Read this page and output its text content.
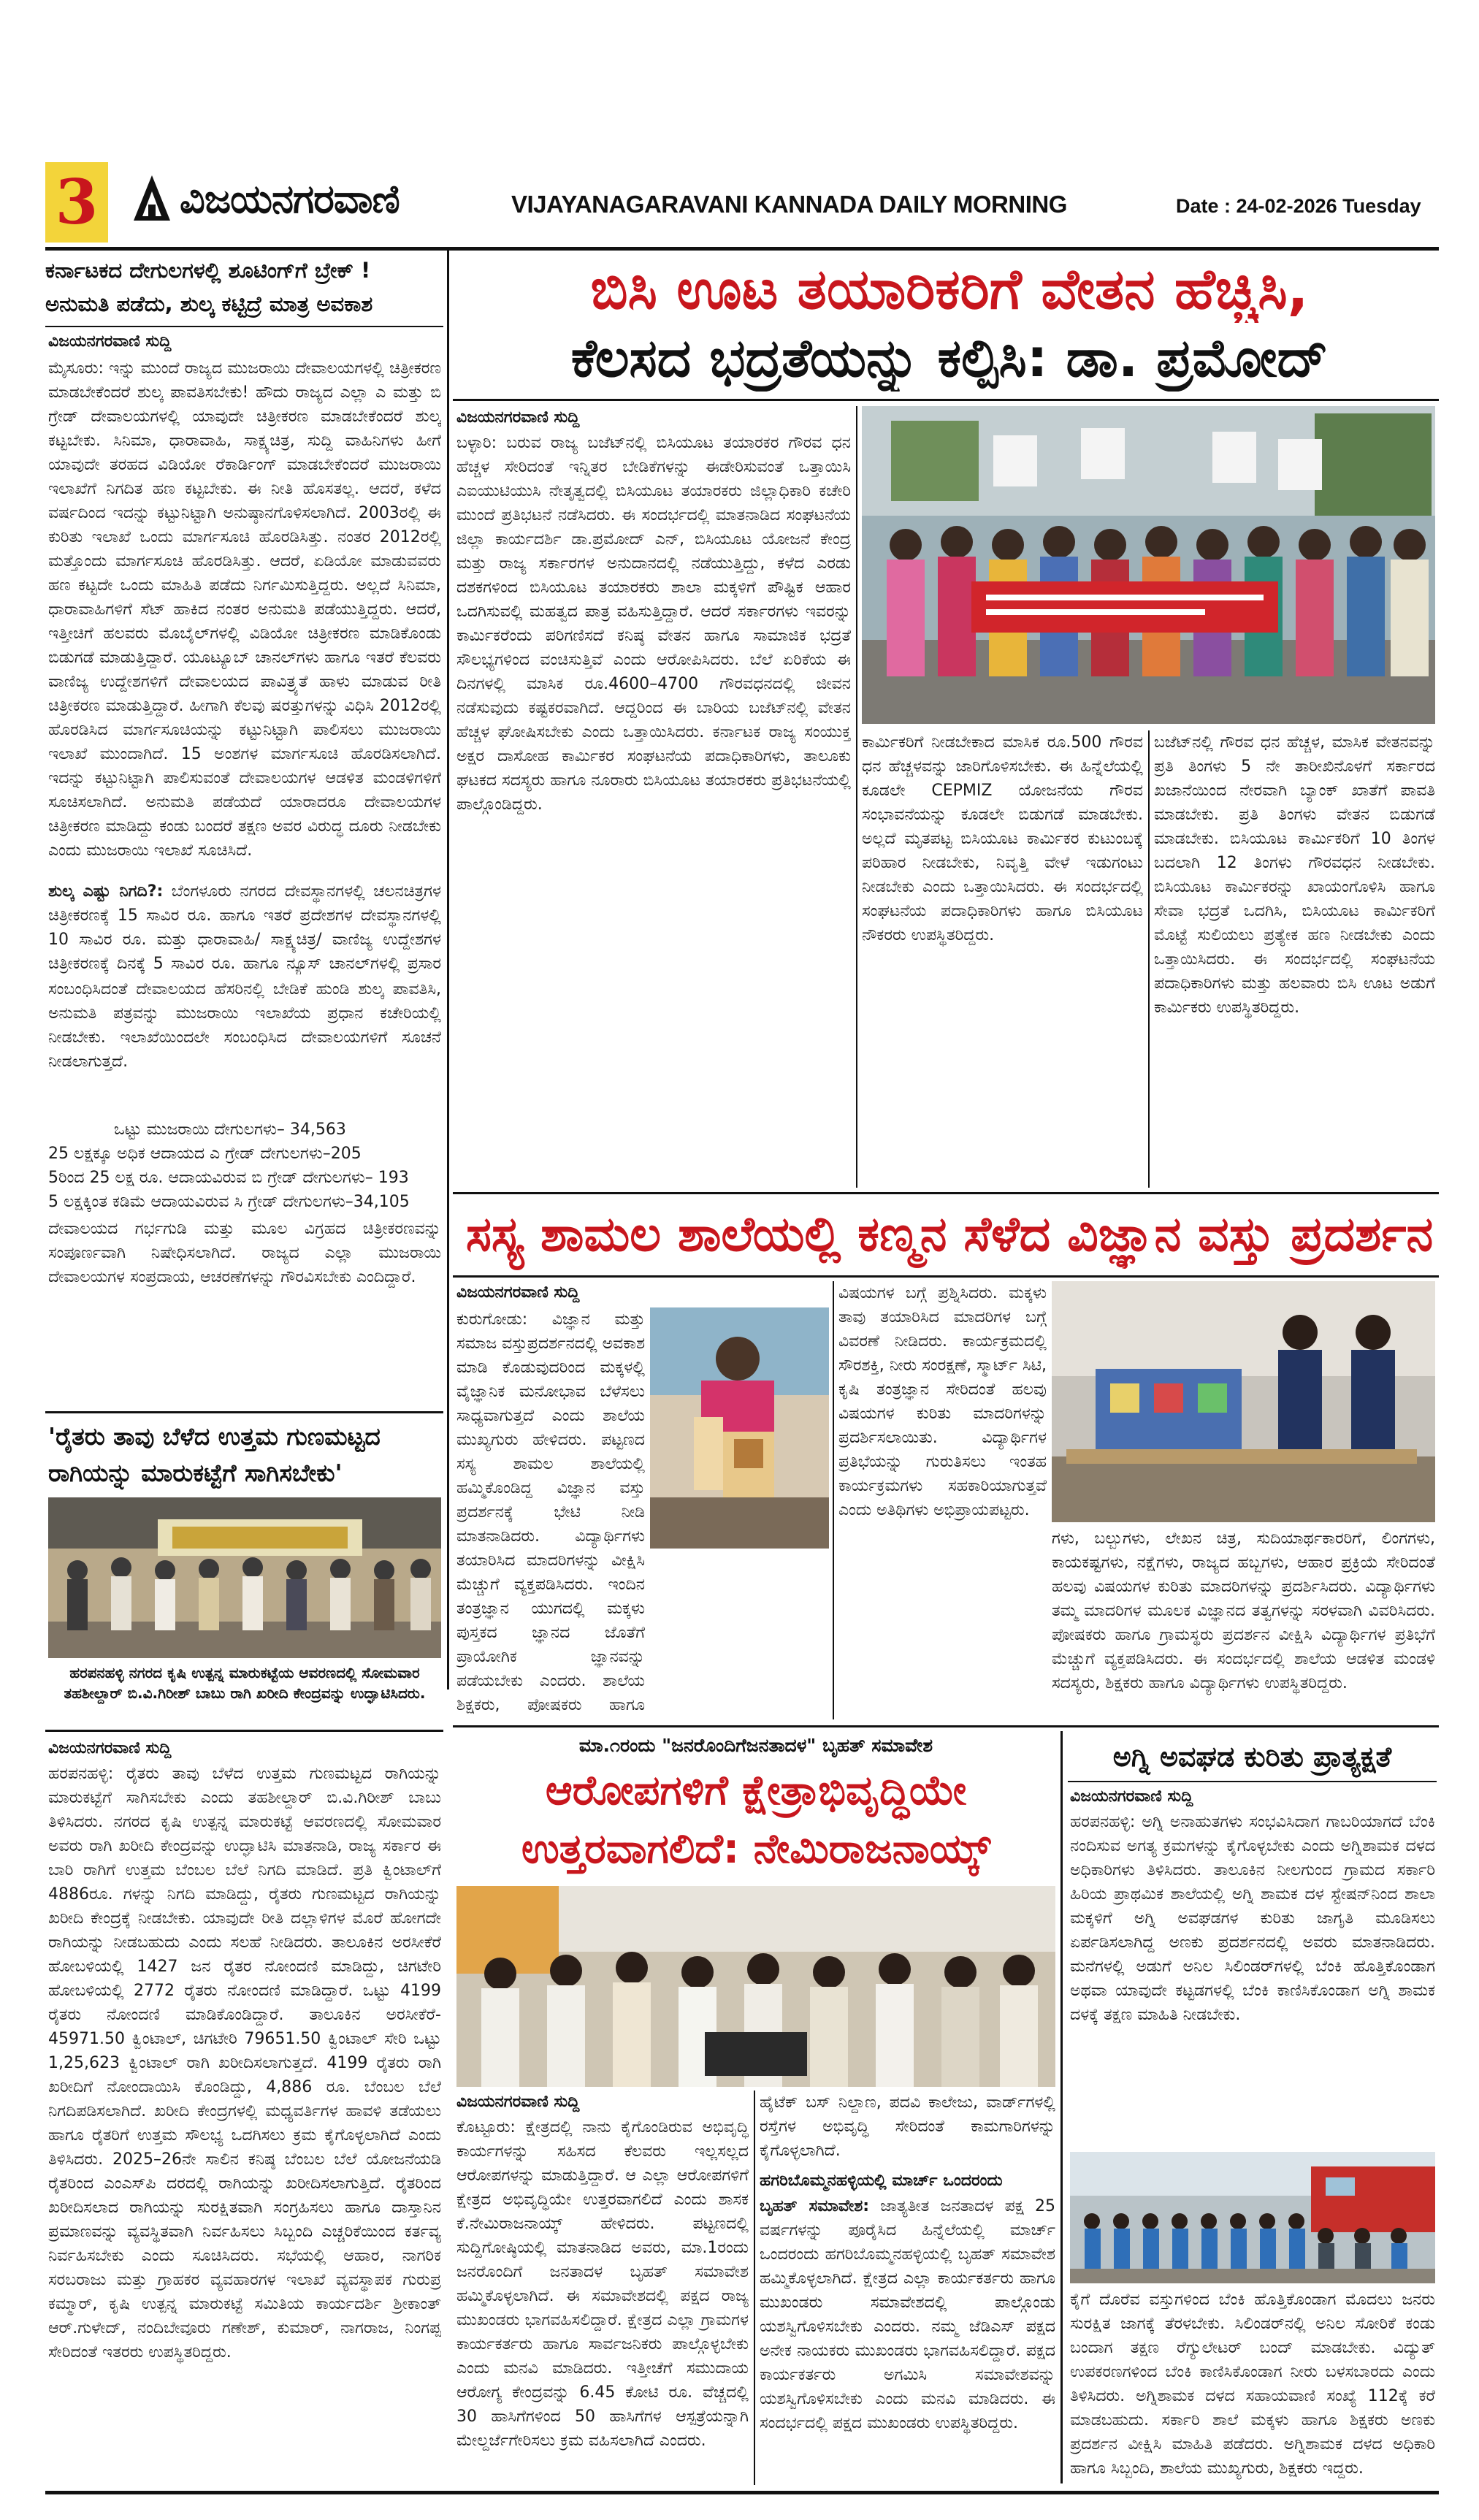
3 ವಿಜಯನಗರವಾಣಿ	VIJAYANAGARAVANI KANNADA DAILY MORNING	Date : 24-02-2026 Tuesday
ಕರ್ನಾಟಕದ ದೇಗುಲಗಳಲ್ಲಿ ಶೂಟಿಂಗ್‌ಗೆ ಬ್ರೇಕ್ !
ಅನುಮತಿ ಪಡೆದು, ಶುಲ್ಕ ಕಟ್ಟಿದ್ರೆ ಮಾತ್ರ ಅವಕಾಶ
ವಿಜಯನಗರವಾಣಿ ಸುದ್ದಿ
ಮೈಸೂರು: ಇನ್ನು ಮುಂದೆ ರಾಜ್ಯದ ಮುಜರಾಯಿ ದೇವಾಲಯಗಳಲ್ಲಿ ಚಿತ್ರೀಕರಣ ಮಾಡಬೇಕೆಂದರೆ ಶುಲ್ಕ ಪಾವತಿಸಬೇಕು! ಹೌದು ರಾಜ್ಯದ ಎಲ್ಲಾ ಎ ಮತ್ತು ಬಿ ಗ್ರೇಡ್ ದೇವಾಲಯಗಳಲ್ಲಿ ಯಾವುದೇ ಚಿತ್ರೀಕರಣ ಮಾಡಬೇಕೆಂದರೆ ಶುಲ್ಕ ಕಟ್ಟಬೇಕು. ಸಿನಿಮಾ, ಧಾರಾವಾಹಿ, ಸಾಕ್ಷ್ಯಚಿತ್ರ, ಸುದ್ದಿ ವಾಹಿನಿಗಳು ಹೀಗೆ ಯಾವುದೇ ತರಹದ ವಿಡಿಯೋ ರೆಕಾರ್ಡಿಂಗ್ ಮಾಡಬೇಕೆಂದರೆ ಮುಜರಾಯಿ ಇಲಾಖೆಗೆ ನಿಗದಿತ ಹಣ ಕಟ್ಟಬೇಕು. ಈ ನೀತಿ ಹೊಸತಲ್ಲ. ಆದರೆ, ಕಳೆದ ವರ್ಷದಿಂದ ಇದನ್ನು ಕಟ್ಟುನಿಟ್ಟಾಗಿ ಅನುಷ್ಠಾನಗೊಳಿಸಲಾಗಿದೆ. 2003ರಲ್ಲಿ ಈ ಕುರಿತು ಇಲಾಖೆ ಒಂದು ಮಾರ್ಗಸೂಚಿ ಹೊರಡಿಸಿತ್ತು. ನಂತರ 2012ರಲ್ಲಿ ಮತ್ತೊಂದು ಮಾರ್ಗಸೂಚಿ ಹೊರಡಿಸಿತ್ತು. ಆದರೆ, ಏಡಿಯೋ ಮಾಡುವವರು ಹಣ ಕಟ್ಟದೇ ಒಂದು ಮಾಹಿತಿ ಪಡೆದು ನಿರ್ಗಮಿಸುತ್ತಿದ್ದರು. ಅಲ್ಲದೆ ಸಿನಿಮಾ, ಧಾರಾವಾಹಿಗಳಿಗೆ ಸೆಟ್ ಹಾಕಿದ ನಂತರ ಅನುಮತಿ ಪಡೆಯುತ್ತಿದ್ದರು. ಆದರೆ, ಇತ್ತೀಚಿಗೆ ಹಲವರು ಮೊಬೈಲ್‌ಗಳಲ್ಲಿ ವಿಡಿಯೋ ಚಿತ್ರೀಕರಣ ಮಾಡಿಕೊಂಡು ಬಿಡುಗಡೆ ಮಾಡುತ್ತಿದ್ದಾರೆ. ಯೂಟ್ಯೂಬ್ ಚಾನಲ್‌ಗಳು ಹಾಗೂ ಇತರೆ ಕೆಲವರು ವಾಣಿಜ್ಯ ಉದ್ದೇಶಗಳಿಗೆ ದೇವಾಲಯದ ಪಾವಿತ್ರ್ಯತೆ ಹಾಳು ಮಾಡುವ ರೀತಿ ಚಿತ್ರೀಕರಣ ಮಾಡುತ್ತಿದ್ದಾರೆ. ಹೀಗಾಗಿ ಕೆಲವು ಷರತ್ತುಗಳನ್ನು ವಿಧಿಸಿ 2012ರಲ್ಲಿ ಹೊರಡಿಸಿದ ಮಾರ್ಗಸೂಚಿಯನ್ನು ಕಟ್ಟುನಿಟ್ಟಾಗಿ ಪಾಲಿಸಲು ಮುಜರಾಯಿ ಇಲಾಖೆ ಮುಂದಾಗಿದೆ. 15 ಅಂಶಗಳ ಮಾರ್ಗಸೂಚಿ ಹೊರಡಿಸಲಾಗಿದೆ. ಇದನ್ನು ಕಟ್ಟುನಿಟ್ಟಾಗಿ ಪಾಲಿಸುವಂತೆ ದೇವಾಲಯಗಳ ಆಡಳಿತ ಮಂಡಳಿಗಳಿಗೆ ಸೂಚಿಸಲಾಗಿದೆ. ಅನುಮತಿ ಪಡೆಯದೆ ಯಾರಾದರೂ ದೇವಾಲಯಗಳ ಚಿತ್ರೀಕರಣ ಮಾಡಿದ್ದು ಕಂಡು ಬಂದರೆ ತಕ್ಷಣ ಅವರ ವಿರುದ್ಧ ದೂರು ನೀಡಬೇಕು ಎಂದು ಮುಜರಾಯಿ ಇಲಾಖೆ ಸೂಚಿಸಿದೆ.
ಶುಲ್ಕ ಎಷ್ಟು ನಿಗದಿ?: ಬೆಂಗಳೂರು ನಗರದ ದೇವಸ್ಥಾನಗಳಲ್ಲಿ ಚಲನಚಿತ್ರಗಳ ಚಿತ್ರೀಕರಣಕ್ಕೆ 15 ಸಾವಿರ ರೂ. ಹಾಗೂ ಇತರೆ ಪ್ರದೇಶಗಳ ದೇವಸ್ಥಾನಗಳಲ್ಲಿ 10 ಸಾವಿರ ರೂ. ಮತ್ತು ಧಾರಾವಾಹಿ/ ಸಾಕ್ಷ್ಯಚಿತ್ರ/ ವಾಣಿಜ್ಯ ಉದ್ದೇಶಗಳ ಚಿತ್ರೀಕರಣಕ್ಕೆ ದಿನಕ್ಕೆ 5 ಸಾವಿರ ರೂ. ಹಾಗೂ ನ್ಯೂಸ್ ಚಾನಲ್‌ಗಳಲ್ಲಿ ಪ್ರಸಾರ
ಸಂಬಂಧಿಸಿದಂತೆ ದೇವಾಲಯದ ಹೆಸರಿನಲ್ಲಿ ಬೇಡಿಕೆ ಹುಂಡಿ ಶುಲ್ಕ ಪಾವತಿಸಿ, ಅನುಮತಿ ಪತ್ರವನ್ನು ಮುಜರಾಯಿ ಇಲಾಖೆಯ ಪ್ರಧಾನ ಕಚೇರಿಯಲ್ಲಿ ನೀಡಬೇಕು. ಇಲಾಖೆಯಿಂದಲೇ ಸಂಬಂಧಿಸಿದ ದೇವಾಲಯಗಳಿಗೆ ಸೂಚನೆ ನೀಡಲಾಗುತ್ತದೆ.
ಒಟ್ಟು ಮುಜರಾಯಿ ದೇಗುಲಗಳು– 34,563
25 ಲಕ್ಷಕ್ಕೂ ಅಧಿಕ ಆದಾಯದ ಎ ಗ್ರೇಡ್ ದೇಗುಲಗಳು–205
5ರಿಂದ 25 ಲಕ್ಷ ರೂ. ಆದಾಯವಿರುವ ಬಿ ಗ್ರೇಡ್ ದೇಗುಲಗಳು– 193
5 ಲಕ್ಷಕ್ಕಿಂತ ಕಡಿಮೆ ಆದಾಯವಿರುವ ಸಿ ಗ್ರೇಡ್ ದೇಗುಲಗಳು–34,105
ದೇವಾಲಯದ ಗರ್ಭಗುಡಿ ಮತ್ತು ಮೂಲ ವಿಗ್ರಹದ ಚಿತ್ರೀಕರಣವನ್ನು ಸಂಪೂರ್ಣವಾಗಿ ನಿಷೇಧಿಸಲಾಗಿದೆ. ರಾಜ್ಯದ ಎಲ್ಲಾ ಮುಜರಾಯಿ ದೇವಾಲಯಗಳ ಸಂಪ್ರದಾಯ, ಆಚರಣೆಗಳನ್ನು ಗೌರವಿಸಬೇಕು ಎಂದಿದ್ದಾರೆ.
'ರೈತರು ತಾವು ಬೆಳೆದ ಉತ್ತಮ ಗುಣಮಟ್ಟದ ರಾಗಿಯನ್ನು ಮಾರುಕಟ್ಟೆಗೆ ಸಾಗಿಸಬೇಕು'
ಹರಪನಹಳ್ಳಿ ನಗರದ ಕೃಷಿ ಉತ್ಪನ್ನ ಮಾರುಕಟ್ಟೆಯ ಆವರಣದಲ್ಲಿ ಸೋಮವಾರ ತಹಶೀಲ್ದಾರ್ ಬಿ.ವಿ.ಗಿರೀಶ್ ಬಾಬು ರಾಗಿ ಖರೀದಿ ಕೇಂದ್ರವನ್ನು ಉದ್ಘಾಟಿಸಿದರು.
ವಿಜಯನಗರವಾಣಿ ಸುದ್ದಿ
ಹರಪನಹಳ್ಳಿ: ರೈತರು ತಾವು ಬೆಳೆದ ಉತ್ತಮ ಗುಣಮಟ್ಟದ ರಾಗಿಯನ್ನು ಮಾರುಕಟ್ಟೆಗೆ ಸಾಗಿಸಬೇಕು ಎಂದು ತಹಶೀಲ್ದಾರ್ ಬಿ.ವಿ.ಗಿರೀಶ್ ಬಾಬು ತಿಳಿಸಿದರು. ನಗರದ ಕೃಷಿ ಉತ್ಪನ್ನ ಮಾರುಕಟ್ಟೆ ಆವರಣದಲ್ಲಿ ಸೋಮವಾರ ಅವರು ರಾಗಿ ಖರೀದಿ ಕೇಂದ್ರವನ್ನು ಉದ್ಘಾಟಿಸಿ ಮಾತನಾಡಿ, ರಾಜ್ಯ ಸರ್ಕಾರ ಈ ಬಾರಿ ರಾಗಿಗೆ ಉತ್ತಮ ಬೆಂಬಲ ಬೆಲೆ ನಿಗದಿ ಮಾಡಿದೆ. ಪ್ರತಿ ಕ್ವಿಂಟಾಲ್‌ಗೆ 4886ರೂ. ಗಳನ್ನು ನಿಗದಿ ಮಾಡಿದ್ದು, ರೈತರು ಗುಣಮಟ್ಟದ ರಾಗಿಯನ್ನು ಖರೀದಿ ಕೇಂದ್ರಕ್ಕೆ ನೀಡಬೇಕು. ಯಾವುದೇ ರೀತಿ ದಲ್ಲಾಳಿಗಳ ಮೊರೆ ಹೋಗದೇ ರಾಗಿಯನ್ನು ನೀಡಬಹುದು ಎಂದು ಸಲಹೆ ನೀಡಿದರು. ತಾಲೂಕಿನ ಅರಸೀಕೆರೆ ಹೋಬಳಿಯಲ್ಲಿ 1427 ಜನ ರೈತರ ನೋಂದಣಿ ಮಾಡಿದ್ದು, ಚಿಗಟೇರಿ ಹೋಬಳಿಯಲ್ಲಿ 2772 ರೈತರು ನೋಂದಣಿ ಮಾಡಿದ್ದಾರೆ. ಒಟ್ಟು 4199 ರೈತರು ನೋಂದಣಿ ಮಾಡಿಕೊಂಡಿದ್ದಾರೆ. ತಾಲೂಕಿನ ಅರಸೀಕೆರೆ- 45971.50 ಕ್ವಿಂಟಾಲ್, ಚಿಗಟೇರಿ 79651.50 ಕ್ವಿಂಟಾಲ್ ಸೇರಿ ಒಟ್ಟು 1,25,623 ಕ್ವಿಂಟಾಲ್ ರಾಗಿ ಖರೀದಿಸಲಾಗುತ್ತದೆ. 4199 ರೈತರು ರಾಗಿ ಖರೀದಿಗೆ ನೋಂದಾಯಿಸಿ ಕೊಂಡಿದ್ದು, 4,886 ರೂ. ಬೆಂಬಲ ಬೆಲೆ ನಿಗದಿಪಡಿಸಲಾಗಿದೆ. ಖರೀದಿ ಕೇಂದ್ರಗಳಲ್ಲಿ ಮಧ್ಯವರ್ತಿಗಳ ಹಾವಳಿ ತಡೆಯಲು ಹಾಗೂ ರೈತರಿಗೆ ಉತ್ತಮ ಸೌಲಭ್ಯ ಒದಗಿಸಲು ಕ್ರಮ ಕೈಗೊಳ್ಳಲಾಗಿದೆ ಎಂದು ತಿಳಿಸಿದರು. 2025–26ನೇ ಸಾಲಿನ ಕನಿಷ್ಠ ಬೆಂಬಲ ಬೆಲೆ ಯೋಜನೆಯಡಿ ರೈತರಿಂದ ಎಂಎಸ್‌ಪಿ ದರದಲ್ಲಿ ರಾಗಿಯನ್ನು ಖರೀದಿಸಲಾಗುತ್ತಿದೆ. ರೈತರಿಂದ ಖರೀದಿಸಲಾದ ರಾಗಿಯನ್ನು ಸುರಕ್ಷಿತವಾಗಿ ಸಂಗ್ರಹಿಸಲು ಹಾಗೂ ದಾಸ್ತಾನಿನ ಪ್ರಮಾಣವನ್ನು ವ್ಯವಸ್ಥಿತವಾಗಿ ನಿರ್ವಹಿಸಲು ಸಿಬ್ಬಂದಿ ಎಚ್ಚರಿಕೆಯಿಂದ ಕರ್ತವ್ಯ ನಿರ್ವಹಿಸಬೇಕು ಎಂದು ಸೂಚಿಸಿದರು. ಸಭೆಯಲ್ಲಿ ಆಹಾರ, ನಾಗರಿಕ ಸರಬರಾಜು ಮತ್ತು ಗ್ರಾಹಕರ ವ್ಯವಹಾರಗಳ ಇಲಾಖೆ ವ್ಯವಸ್ಥಾಪಕ ಗುರುಪ್ರ ಕಮ್ಮಾರ್, ಕೃಷಿ ಉತ್ಪನ್ನ ಮಾರುಕಟ್ಟೆ ಸಮಿತಿಯ ಕಾರ್ಯದರ್ಶಿ ಶ್ರೀಕಾಂತ್ ಆರ್.ಗುಳೇದ್, ನಂದಿಬೇವೂರು ಗಣೇಶ್, ಕುಮಾರ್, ನಾಗರಾಜ, ನಿಂಗಪ್ಪ ಸೇರಿದಂತೆ ಇತರರು ಉಪಸ್ಥಿತರಿದ್ದರು.
ಬಿಸಿ ಊಟ ತಯಾರಿಕರಿಗೆ ವೇತನ ಹೆಚ್ಚಿಸಿ,
ಕೆಲಸದ ಭದ್ರತೆಯನ್ನು ಕಲ್ಪಿಸಿ: ಡಾ. ಪ್ರಮೋದ್
ವಿಜಯನಗರವಾಣಿ ಸುದ್ದಿ
ಬಳ್ಳಾರಿ: ಬರುವ ರಾಜ್ಯ ಬಜೆಟ್‌ನಲ್ಲಿ ಬಿಸಿಯೂಟ ತಯಾರಕರ ಗೌರವ ಧನ ಹೆಚ್ಚಳ ಸೇರಿದಂತೆ ಇನ್ನಿತರ ಬೇಡಿಕೆಗಳನ್ನು ಈಡೇರಿಸುವಂತೆ ಒತ್ತಾಯಿಸಿ ಎಐಯುಟಿಯುಸಿ ನೇತೃತ್ವದಲ್ಲಿ ಬಿಸಿಯೂಟ ತಯಾರಕರು ಜಿಲ್ಲಾಧಿಕಾರಿ ಕಚೇರಿ ಮುಂದೆ ಪ್ರತಿಭಟನೆ ನಡೆಸಿದರು. ಈ ಸಂದರ್ಭದಲ್ಲಿ ಮಾತನಾಡಿದ ಸಂಘಟನೆಯ ಜಿಲ್ಲಾ ಕಾರ್ಯದರ್ಶಿ ಡಾ.ಪ್ರಮೋದ್ ಎನ್, ಬಿಸಿಯೂಟ ಯೋಜನೆ ಕೇಂದ್ರ ಮತ್ತು ರಾಜ್ಯ ಸರ್ಕಾರಗಳ ಅನುದಾನದಲ್ಲಿ ನಡೆಯುತ್ತಿದ್ದು, ಕಳೆದ ಎರಡು ದಶಕಗಳಿಂದ ಬಿಸಿಯೂಟ ತಯಾರಕರು ಶಾಲಾ ಮಕ್ಕಳಿಗೆ ಪೌಷ್ಟಿಕ ಆಹಾರ ಒದಗಿಸುವಲ್ಲಿ ಮಹತ್ವದ ಪಾತ್ರ ವಹಿಸುತ್ತಿದ್ದಾರೆ. ಆದರೆ ಸರ್ಕಾರಗಳು ಇವರನ್ನು ಕಾರ್ಮಿಕರೆಂದು ಪರಿಗಣಿಸದೆ ಕನಿಷ್ಠ ವೇತನ ಹಾಗೂ ಸಾಮಾಜಿಕ ಭದ್ರತೆ ಸೌಲಭ್ಯಗಳಿಂದ ವಂಚಿಸುತ್ತಿವೆ ಎಂದು ಆರೋಪಿಸಿದರು. ಬೆಲೆ ಏರಿಕೆಯ ಈ ದಿನಗಳಲ್ಲಿ ಮಾಸಿಕ ರೂ.4600–4700 ಗೌರವಧನದಲ್ಲಿ ಜೀವನ ನಡೆಸುವುದು ಕಷ್ಟಕರವಾಗಿದೆ. ಆದ್ದರಿಂದ ಈ ಬಾರಿಯ ಬಜೆಟ್‌ನಲ್ಲಿ ವೇತನ ಹೆಚ್ಚಳ ಘೋಷಿಸಬೇಕು ಎಂದು ಒತ್ತಾಯಿಸಿದರು. ಕರ್ನಾಟಕ ರಾಜ್ಯ ಸಂಯುಕ್ತ ಅಕ್ಷರ ದಾಸೋಹ ಕಾರ್ಮಿಕರ ಸಂಘಟನೆಯ ಪದಾಧಿಕಾರಿಗಳು, ತಾಲೂಕು ಘಟಕದ ಸದಸ್ಯರು ಹಾಗೂ ನೂರಾರು ಬಿಸಿಯೂಟ ತಯಾರಕರು ಪ್ರತಿಭಟನೆಯಲ್ಲಿ ಪಾಲ್ಗೊಂಡಿದ್ದರು.
ಕಾರ್ಮಿಕರಿಗೆ ನೀಡಬೇಕಾದ ಮಾಸಿಕ ರೂ.500 ಗೌರವ ಧನ ಹೆಚ್ಚಳವನ್ನು ಜಾರಿಗೊಳಿಸಬೇಕು. ಈ ಹಿನ್ನೆಲೆಯಲ್ಲಿ ಕೂಡಲೇ CEPMIZ ಯೋಜನೆಯ ಗೌರವ ಸಂಭಾವನೆಯನ್ನು ಕೂಡಲೇ ಬಿಡುಗಡೆ ಮಾಡಬೇಕು. ಅಲ್ಲದೆ ಮೃತಪಟ್ಟ ಬಿಸಿಯೂಟ ಕಾರ್ಮಿಕರ ಕುಟುಂಬಕ್ಕೆ ಪರಿಹಾರ ನೀಡಬೇಕು, ನಿವೃತ್ತಿ ವೇಳೆ ಇಡುಗಂಟು ನೀಡಬೇಕು ಎಂದು ಒತ್ತಾಯಿಸಿದರು. ಈ ಸಂದರ್ಭದಲ್ಲಿ ಸಂಘಟನೆಯ ಪದಾಧಿಕಾರಿಗಳು ಹಾಗೂ ಬಿಸಿಯೂಟ ನೌಕರರು ಉಪಸ್ಥಿತರಿದ್ದರು.
ಬಜೆಟ್‌ನಲ್ಲಿ ಗೌರವ ಧನ ಹೆಚ್ಚಳ, ಮಾಸಿಕ ವೇತನವನ್ನು ಪ್ರತಿ ತಿಂಗಳು 5 ನೇ ತಾರೀಖಿನೊಳಗೆ ಸರ್ಕಾರದ ಖಜಾನೆಯಿಂದ ನೇರವಾಗಿ ಬ್ಯಾಂಕ್ ಖಾತೆಗೆ ಪಾವತಿ ಮಾಡಬೇಕು. ಪ್ರತಿ ತಿಂಗಳು ವೇತನ ಬಿಡುಗಡೆ ಮಾಡಬೇಕು. ಬಿಸಿಯೂಟ ಕಾರ್ಮಿಕರಿಗೆ 10 ತಿಂಗಳ ಬದಲಾಗಿ 12 ತಿಂಗಳು ಗೌರವಧನ ನೀಡಬೇಕು. ಬಿಸಿಯೂಟ ಕಾರ್ಮಿಕರನ್ನು ಖಾಯಂಗೊಳಿಸಿ ಹಾಗೂ ಸೇವಾ ಭದ್ರತೆ ಒದಗಿಸಿ, ಬಿಸಿಯೂಟ ಕಾರ್ಮಿಕರಿಗೆ ಮೊಟ್ಟೆ ಸುಲಿಯಲು ಪ್ರತ್ಯೇಕ ಹಣ ನೀಡಬೇಕು ಎಂದು ಒತ್ತಾಯಿಸಿದರು. ಈ ಸಂದರ್ಭದಲ್ಲಿ ಸಂಘಟನೆಯ ಪದಾಧಿಕಾರಿಗಳು ಮತ್ತು ಹಲವಾರು ಬಿಸಿ ಊಟ ಅಡುಗೆ ಕಾರ್ಮಿಕರು ಉಪಸ್ಥಿತರಿದ್ದರು.
ಸಸ್ಯ ಶಾಮಲ ಶಾಲೆಯಲ್ಲಿ ಕಣ್ಮನ ಸೆಳೆದ ವಿಜ್ಞಾನ ವಸ್ತು ಪ್ರದರ್ಶನ
ವಿಜಯನಗರವಾಣಿ ಸುದ್ದಿ
ಕುರುಗೋಡು: ವಿಜ್ಞಾನ ಮತ್ತು ಸಮಾಜ ವಸ್ತುಪ್ರದರ್ಶನದಲ್ಲಿ ಅವಕಾಶ ಮಾಡಿ ಕೊಡುವುದರಿಂದ ಮಕ್ಕಳಲ್ಲಿ ವೈಜ್ಞಾನಿಕ ಮನೋಭಾವ ಬೆಳೆಸಲು ಸಾಧ್ಯವಾಗುತ್ತದೆ ಎಂದು ಶಾಲೆಯ ಮುಖ್ಯಗುರು ಹೇಳಿದರು. ಪಟ್ಟಣದ ಸಸ್ಯ ಶಾಮಲ ಶಾಲೆಯಲ್ಲಿ ಹಮ್ಮಿಕೊಂಡಿದ್ದ ವಿಜ್ಞಾನ ವಸ್ತು ಪ್ರದರ್ಶನಕ್ಕೆ ಭೇಟಿ ನೀಡಿ ಮಾತನಾಡಿದರು. ವಿದ್ಯಾರ್ಥಿಗಳು ತಯಾರಿಸಿದ ಮಾದರಿಗಳನ್ನು ವೀಕ್ಷಿಸಿ ಮೆಚ್ಚುಗೆ ವ್ಯಕ್ತಪಡಿಸಿದರು. ಇಂದಿನ ತಂತ್ರಜ್ಞಾನ ಯುಗದಲ್ಲಿ ಮಕ್ಕಳು ಪುಸ್ತಕದ ಜ್ಞಾನದ ಜೊತೆಗೆ ಪ್ರಾಯೋಗಿಕ ಜ್ಞಾನವನ್ನು ಪಡೆಯಬೇಕು ಎಂದರು. ಶಾಲೆಯ ಶಿಕ್ಷಕರು, ಪೋಷಕರು ಹಾಗೂ
ವಿಷಯಗಳ ಬಗ್ಗೆ ಪ್ರಶ್ನಿಸಿದರು. ಮಕ್ಕಳು ತಾವು ತಯಾರಿಸಿದ ಮಾದರಿಗಳ ಬಗ್ಗೆ ವಿವರಣೆ ನೀಡಿದರು. ಕಾರ್ಯಕ್ರಮದಲ್ಲಿ ಸೌರಶಕ್ತಿ, ನೀರು ಸಂರಕ್ಷಣೆ, ಸ್ಮಾರ್ಟ್ ಸಿಟಿ, ಕೃಷಿ ತಂತ್ರಜ್ಞಾನ ಸೇರಿದಂತೆ ಹಲವು ವಿಷಯಗಳ ಕುರಿತು ಮಾದರಿಗಳನ್ನು ಪ್ರದರ್ಶಿಸಲಾಯಿತು. ವಿದ್ಯಾರ್ಥಿಗಳ ಪ್ರತಿಭೆಯನ್ನು ಗುರುತಿಸಲು ಇಂತಹ ಕಾರ್ಯಕ್ರಮಗಳು ಸಹಕಾರಿಯಾಗುತ್ತವೆ ಎಂದು ಅತಿಥಿಗಳು ಅಭಿಪ್ರಾಯಪಟ್ಟರು.
ಗಳು, ಬಲ್ಬುಗಳು, ಲೇಖನ ಚಿತ್ರ, ಸುದಿಯಾರ್ಥಕಾರರಿಗೆ, ಲಿಂಗಗಳು, ಕಾಯಕಷ್ಟಗಳು, ನಕ್ಷೆಗಳು, ರಾಜ್ಯದ ಹಬ್ಬಗಳು, ಆಹಾರ ಪ್ರಕ್ರಿಯೆ ಸೇರಿದಂತೆ ಹಲವು ವಿಷಯಗಳ ಕುರಿತು ಮಾದರಿಗಳನ್ನು ಪ್ರದರ್ಶಿಸಿದರು. ವಿದ್ಯಾರ್ಥಿಗಳು ತಮ್ಮ ಮಾದರಿಗಳ ಮೂಲಕ ವಿಜ್ಞಾನದ ತತ್ವಗಳನ್ನು ಸರಳವಾಗಿ ವಿವರಿಸಿದರು. ಪೋಷಕರು ಹಾಗೂ ಗ್ರಾಮಸ್ಥರು ಪ್ರದರ್ಶನ ವೀಕ್ಷಿಸಿ ವಿದ್ಯಾರ್ಥಿಗಳ ಪ್ರತಿಭೆಗೆ ಮೆಚ್ಚುಗೆ ವ್ಯಕ್ತಪಡಿಸಿದರು. ಈ ಸಂದರ್ಭದಲ್ಲಿ ಶಾಲೆಯ ಆಡಳಿತ ಮಂಡಳಿ ಸದಸ್ಯರು, ಶಿಕ್ಷಕರು ಹಾಗೂ ವಿದ್ಯಾರ್ಥಿಗಳು ಉಪಸ್ಥಿತರಿದ್ದರು.
ಮಾ.೧ರಂದು "ಜನರೊಂದಿಗೆಜನತಾದಳ" ಬೃಹತ್ ಸಮಾವೇಶ
ಆರೋಪಗಳಿಗೆ ಕ್ಷೇತ್ರಾಭಿವೃದ್ಧಿಯೇ
ಉತ್ತರವಾಗಲಿದೆ: ನೇಮಿರಾಜನಾಯ್ಕ್
ವಿಜಯನಗರವಾಣಿ ಸುದ್ದಿ
ಕೊಟ್ಟೂರು: ಕ್ಷೇತ್ರದಲ್ಲಿ ನಾನು ಕೈಗೊಂಡಿರುವ ಅಭಿವೃದ್ಧಿ ಕಾರ್ಯಗಳನ್ನು ಸಹಿಸದ ಕೆಲವರು ಇಲ್ಲಸಲ್ಲದ ಆರೋಪಗಳನ್ನು ಮಾಡುತ್ತಿದ್ದಾರೆ. ಆ ಎಲ್ಲಾ ಆರೋಪಗಳಿಗೆ ಕ್ಷೇತ್ರದ ಅಭಿವೃದ್ಧಿಯೇ ಉತ್ತರವಾಗಲಿದೆ ಎಂದು ಶಾಸಕ ಕೆ.ನೇಮಿರಾಜನಾಯ್ಕ್ ಹೇಳಿದರು. ಪಟ್ಟಣದಲ್ಲಿ ಸುದ್ದಿಗೋಷ್ಠಿಯಲ್ಲಿ ಮಾತನಾಡಿದ ಅವರು, ಮಾ.1ರಂದು ಜನರೊಂದಿಗೆ ಜನತಾದಳ ಬೃಹತ್ ಸಮಾವೇಶ ಹಮ್ಮಿಕೊಳ್ಳಲಾಗಿದೆ. ಈ ಸಮಾವೇಶದಲ್ಲಿ ಪಕ್ಷದ ರಾಜ್ಯ ಮುಖಂಡರು ಭಾಗವಹಿಸಲಿದ್ದಾರೆ. ಕ್ಷೇತ್ರದ ಎಲ್ಲಾ ಗ್ರಾಮಗಳ ಕಾರ್ಯಕರ್ತರು ಹಾಗೂ ಸಾರ್ವಜನಿಕರು ಪಾಲ್ಗೊಳ್ಳಬೇಕು ಎಂದು ಮನವಿ ಮಾಡಿದರು. ಇತ್ತೀಚೆಗೆ ಸಮುದಾಯ ಆರೋಗ್ಯ ಕೇಂದ್ರವನ್ನು 6.45 ಕೋಟಿ ರೂ. ವೆಚ್ಚದಲ್ಲಿ 30 ಹಾಸಿಗೆಗಳಿಂದ 50 ಹಾಸಿಗೆಗಳ ಆಸ್ಪತ್ರೆಯನ್ನಾಗಿ ಮೇಲ್ದರ್ಜೆಗೇರಿಸಲು ಕ್ರಮ ವಹಿಸಲಾಗಿದೆ ಎಂದರು.
ಹೈಟೆಕ್ ಬಸ್ ನಿಲ್ದಾಣ, ಪದವಿ ಕಾಲೇಜು, ವಾರ್ಡ್‌ಗಳಲ್ಲಿ ರಸ್ತೆಗಳ ಅಭಿವೃದ್ಧಿ ಸೇರಿದಂತೆ ಕಾಮಗಾರಿಗಳನ್ನು ಕೈಗೊಳ್ಳಲಾಗಿದೆ.
ಹಗರಿಬೊಮ್ಮನಹಳ್ಳಿಯಲ್ಲಿ ಮಾರ್ಚ್ ಒಂದರಂದು
ಬೃಹತ್ ಸಮಾವೇಶ: ಜಾತ್ಯತೀತ ಜನತಾದಳ ಪಕ್ಷ 25 ವರ್ಷಗಳನ್ನು ಪೂರೈಸಿದ ಹಿನ್ನೆಲೆಯಲ್ಲಿ ಮಾರ್ಚ್ ಒಂದರಂದು ಹಗರಿಬೊಮ್ಮನಹಳ್ಳಿಯಲ್ಲಿ ಬೃಹತ್ ಸಮಾವೇಶ ಹಮ್ಮಿಕೊಳ್ಳಲಾಗಿದೆ. ಕ್ಷೇತ್ರದ ಎಲ್ಲಾ ಕಾರ್ಯಕರ್ತರು ಹಾಗೂ ಮುಖಂಡರು ಸಮಾವೇಶದಲ್ಲಿ ಪಾಲ್ಗೊಂಡು ಯಶಸ್ವಿಗೊಳಿಸಬೇಕು ಎಂದರು. ನಮ್ಮ ಜೆಡಿಎಸ್ ಪಕ್ಷದ ಅನೇಕ ನಾಯಕರು ಮುಖಂಡರು ಭಾಗವಹಿಸಲಿದ್ದಾರೆ. ಪಕ್ಷದ ಕಾರ್ಯಕರ್ತರು ಅಗಮಿಸಿ ಸಮಾವೇಶವನ್ನು ಯಶಸ್ವಿಗೊಳಿಸಬೇಕು ಎಂದು ಮನವಿ ಮಾಡಿದರು. ಈ ಸಂದರ್ಭದಲ್ಲಿ ಪಕ್ಷದ ಮುಖಂಡರು ಉಪಸ್ಥಿತರಿದ್ದರು.
ಅಗ್ನಿ ಅವಘಡ ಕುರಿತು ಪ್ರಾತ್ಯಕ್ಷತೆ
ವಿಜಯನಗರವಾಣಿ ಸುದ್ದಿ
ಹರಪನಹಳ್ಳಿ: ಅಗ್ನಿ ಅನಾಹುತಗಳು ಸಂಭವಿಸಿದಾಗ ಗಾಬರಿಯಾಗದೆ ಬೆಂಕಿ ನಂದಿಸುವ ಅಗತ್ಯ ಕ್ರಮಗಳನ್ನು ಕೈಗೊಳ್ಳಬೇಕು ಎಂದು ಅಗ್ನಿಶಾಮಕ ದಳದ ಅಧಿಕಾರಿಗಳು ತಿಳಿಸಿದರು. ತಾಲೂಕಿನ ನೀಲಗುಂದ ಗ್ರಾಮದ ಸರ್ಕಾರಿ ಹಿರಿಯ ಪ್ರಾಥಮಿಕ ಶಾಲೆಯಲ್ಲಿ ಅಗ್ನಿ ಶಾಮಕ ದಳ ಸ್ಟೇಷನ್‌ನಿಂದ ಶಾಲಾ ಮಕ್ಕಳಿಗೆ ಅಗ್ನಿ ಅವಘಡಗಳ ಕುರಿತು ಜಾಗೃತಿ ಮೂಡಿಸಲು ಏರ್ಪಡಿಸಲಾಗಿದ್ದ ಅಣಕು ಪ್ರದರ್ಶನದಲ್ಲಿ ಅವರು ಮಾತನಾಡಿದರು. ಮನೆಗಳಲ್ಲಿ ಅಡುಗೆ ಅನಿಲ ಸಿಲಿಂಡರ್‌ಗಳಲ್ಲಿ ಬೆಂಕಿ ಹೊತ್ತಿಕೊಂಡಾಗ ಅಥವಾ ಯಾವುದೇ ಕಟ್ಟಡಗಳಲ್ಲಿ ಬೆಂಕಿ ಕಾಣಿಸಿಕೊಂಡಾಗ ಅಗ್ನಿ ಶಾಮಕ ದಳಕ್ಕೆ ತಕ್ಷಣ ಮಾಹಿತಿ ನೀಡಬೇಕು.
ಕೈಗೆ ದೊರೆವ ವಸ್ತುಗಳಿಂದ ಬೆಂಕಿ ಹೊತ್ತಿಕೊಂಡಾಗ ಮೊದಲು ಜನರು ಸುರಕ್ಷಿತ ಜಾಗಕ್ಕೆ ತೆರಳಬೇಕು. ಸಿಲಿಂಡರ್‌ನಲ್ಲಿ ಅನಿಲ ಸೋರಿಕೆ ಕಂಡು ಬಂದಾಗ ತಕ್ಷಣ ರೆಗ್ಯುಲೇಟರ್ ಬಂದ್ ಮಾಡಬೇಕು. ವಿದ್ಯುತ್ ಉಪಕರಣಗಳಿಂದ ಬೆಂಕಿ ಕಾಣಿಸಿಕೊಂಡಾಗ ನೀರು ಬಳಸಬಾರದು ಎಂದು ತಿಳಿಸಿದರು. ಅಗ್ನಿಶಾಮಕ ದಳದ ಸಹಾಯವಾಣಿ ಸಂಖ್ಯೆ 112ಕ್ಕೆ ಕರೆ ಮಾಡಬಹುದು. ಸರ್ಕಾರಿ ಶಾಲೆ ಮಕ್ಕಳು ಹಾಗೂ ಶಿಕ್ಷಕರು ಅಣಕು ಪ್ರದರ್ಶನ ವೀಕ್ಷಿಸಿ ಮಾಹಿತಿ ಪಡೆದರು. ಅಗ್ನಿಶಾಮಕ ದಳದ ಅಧಿಕಾರಿ ಹಾಗೂ ಸಿಬ್ಬಂದಿ, ಶಾಲೆಯ ಮುಖ್ಯಗುರು, ಶಿಕ್ಷಕರು ಇದ್ದರು.
